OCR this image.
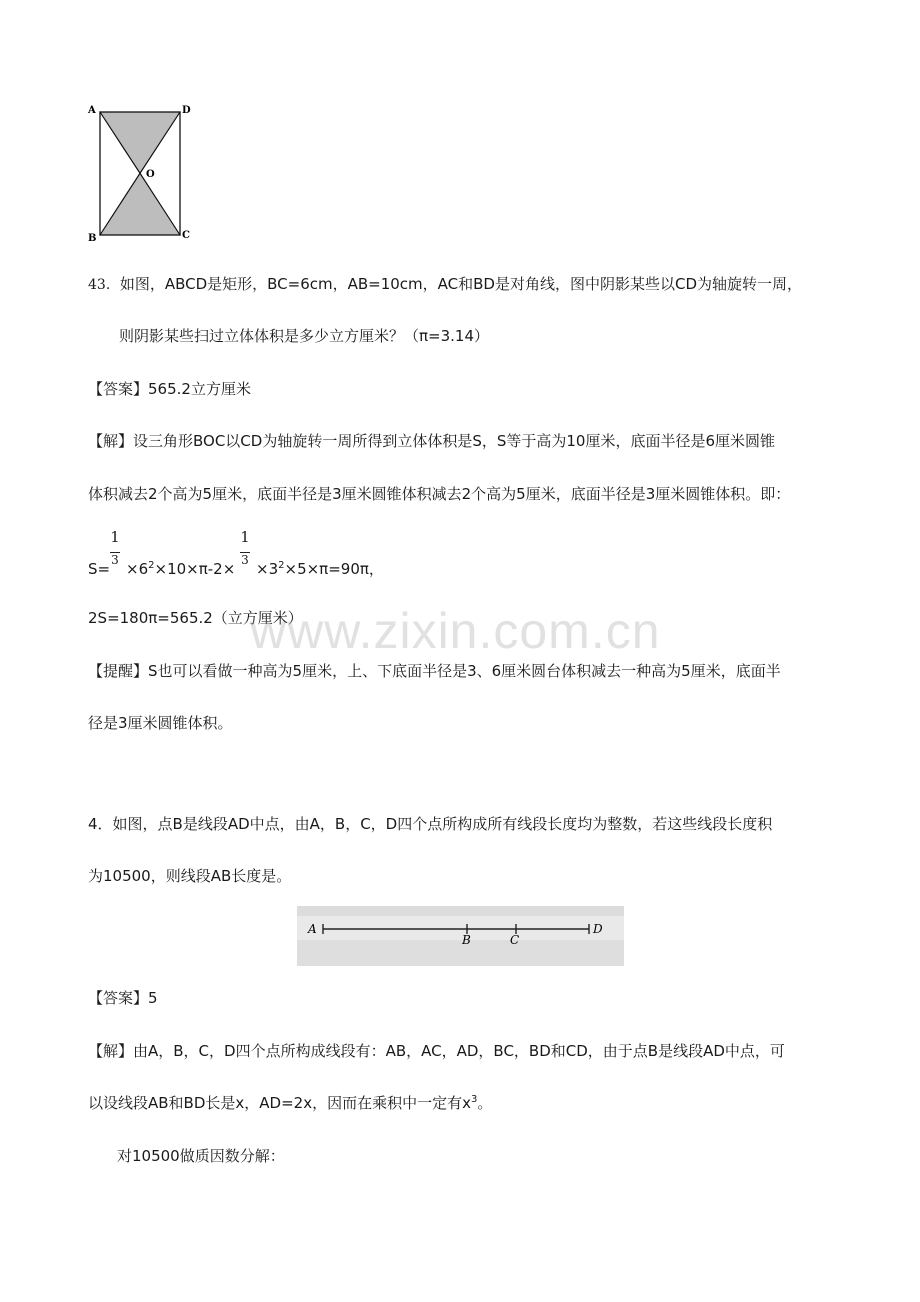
A	D
O
B	C
43. 如图，ABCD是矩形，BC=6cm，AB=10cm，AC和BD是对角线，图中阴影某些以CD为轴旋转一周，
则阴影某些扫过立体体积是多少立方厘米？（π=3.14）
【答案】565.2立方厘米
【解】设三角形BOC以CD为轴旋转一周所得到立体体积是S，S等于高为10厘米，底面半径是6厘米圆锥
体积减去2个高为5厘米，底面半径是3厘米圆锥体积减去2个高为5厘米，底面半径是3厘米圆锥体积。即：
1
3
1
3
$S= \times 6^2\times 10\times\pi-2\times \times 3^2\times 5\times\pi=90\pi$，
2S=180π=565.2（立方厘米）
www.zixin.com.cn
【提醒】S也可以看做一种高为5厘米，上、下底面半径是3、6厘米圆台体积减去一种高为5厘米，底面半
径是3厘米圆锥体积。
4．如图，点B是线段AD中点，由A，B，C，D四个点所构成所有线段长度均为整数，若这些线段长度积
为10500，则线段AB长度是。
A
B	C
D
【答案】5
【解】由A，B，C，D四个点所构成线段有：AB，AC，AD，BC，BD和CD，由于点B是线段AD中点，可
以设线段AB和BD长是x，AD=2x，因而在乘积中一定有$x^3$。
对10500做质因数分解：
